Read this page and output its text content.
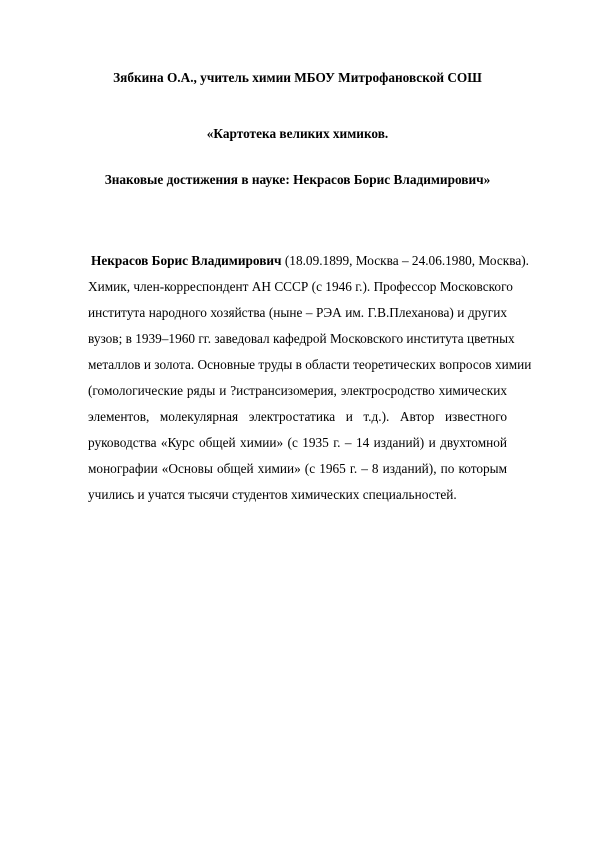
Зябкина О.А., учитель химии МБОУ Митрофановской СОШ
«Картотека великих химиков.
Знаковые достижения в науке: Некрасов Борис Владимирович»
Некрасов Борис Владимирович (18.09.1899, Москва – 24.06.1980, Москва).
Химик, член-корреспондент АН СССР (с 1946 г.). Профессор Московского
института народного хозяйства (ныне – РЭА им. Г.В.Плеханова) и других
вузов; в 1939–1960 гг. заведовал кафедрой Московского института цветных
металлов и золота. Основные труды в области теоретических вопросов химии
(гомологические ряды и ?истрансизомерия, электросродство химических
элементов, молекулярная электростатика и т.д.). Автор известного
руководства «Курс общей химии» (с 1935 г. – 14 изданий) и двухтомной
монографии «Основы общей химии» (с 1965 г. – 8 изданий), по которым
учились и учатся тысячи студентов химических специальностей.
